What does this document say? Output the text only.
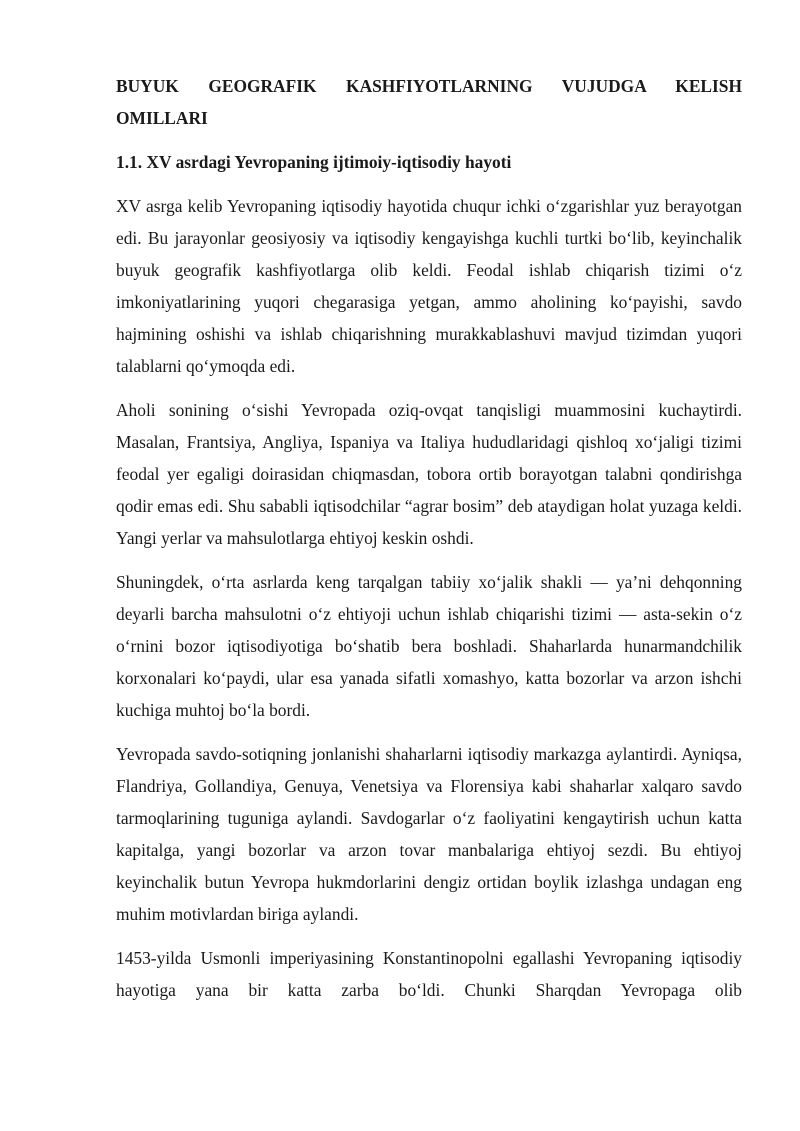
BUYUK GEOGRAFIK KASHFIYOTLARNING VUJUDGA KELISH
OMILLARI
1.1. XV asrdagi Yevropaning ijtimoiy-iqtisodiy hayoti

XV asrga kelib Yevropaning iqtisodiy hayotida chuqur ichki o‘zgarishlar yuz berayotgan edi. Bu jarayonlar geosiyosiy va iqtisodiy kengayishga kuchli turtki bo‘lib, keyinchalik buyuk geografik kashfiyotlarga olib keldi. Feodal ishlab chiqarish tizimi o‘z imkoniyatlarining yuqori chegarasiga yetgan, ammo aholining ko‘payishi, savdo hajmining oshishi va ishlab chiqarishning murakkablashuvi mavjud tizimdan yuqori talablarni qo‘ymoqda edi.

Aholi sonining o‘sishi Yevropada oziq-ovqat tanqisligi muammosini kuchaytirdi. Masalan, Frantsiya, Angliya, Ispaniya va Italiya hududlaridagi qishloq xo‘jaligi tizimi feodal yer egaligi doirasidan chiqmasdan, tobora ortib borayotgan talabni qondirishga qodir emas edi. Shu sababli iqtisodchilar “agrar bosim” deb ataydigan holat yuzaga keldi. Yangi yerlar va mahsulotlarga ehtiyoj keskin oshdi.

Shuningdek, o‘rta asrlarda keng tarqalgan tabiiy xo‘jalik shakli — ya’ni dehqonning deyarli barcha mahsulotni o‘z ehtiyoji uchun ishlab chiqarishi tizimi — asta-sekin o‘z o‘rnini bozor iqtisodiyotiga bo‘shatib bera boshladi. Shaharlarda hunarmandchilik korxonalari ko‘paydi, ular esa yanada sifatli xomashyo, katta bozorlar va arzon ishchi kuchiga muhtoj bo‘la bordi.

Yevropada savdo-sotiqning jonlanishi shaharlarni iqtisodiy markazga aylantirdi. Ayniqsa, Flandriya, Gollandiya, Genuya, Venetsiya va Florensiya kabi shaharlar xalqaro savdo tarmoqlarining tuguniga aylandi. Savdogarlar o‘z faoliyatini kengaytirish uchun katta kapitalga, yangi bozorlar va arzon tovar manbalariga ehtiyoj sezdi. Bu ehtiyoj keyinchalik butun Yevropa hukmdorlarini dengiz ortidan boylik izlashga undagan eng muhim motivlardan biriga aylandi.

1453-yilda Usmonli imperiyasining Konstantinopolni egallashi Yevropaning iqtisodiy hayotiga yana bir katta zarba bo‘ldi. Chunki Sharqdan Yevropaga olib
